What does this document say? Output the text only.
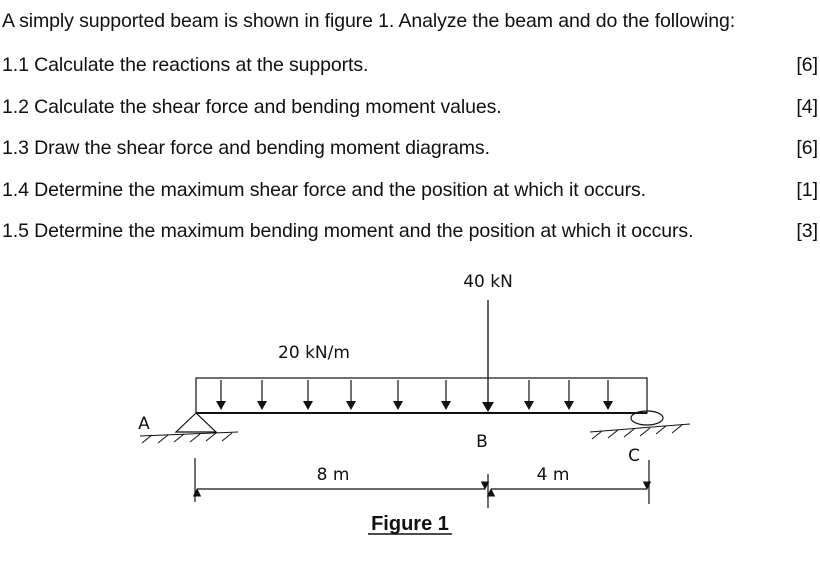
A simply supported beam is shown in figure 1. Analyze the beam and do the following:
1.1 Calculate the reactions at the supports.	[6]
1.2 Calculate the shear force and bending moment values.	[4]
1.3 Draw the shear force and bending moment diagrams.	[6]
1.4 Determine the maximum shear force and the position at which it occurs.	[1]
1.5 Determine the maximum bending moment and the position at which it occurs.	[3]
40 kN
20 kN/m
A
B
C
8 m	4 m
Figure 1
